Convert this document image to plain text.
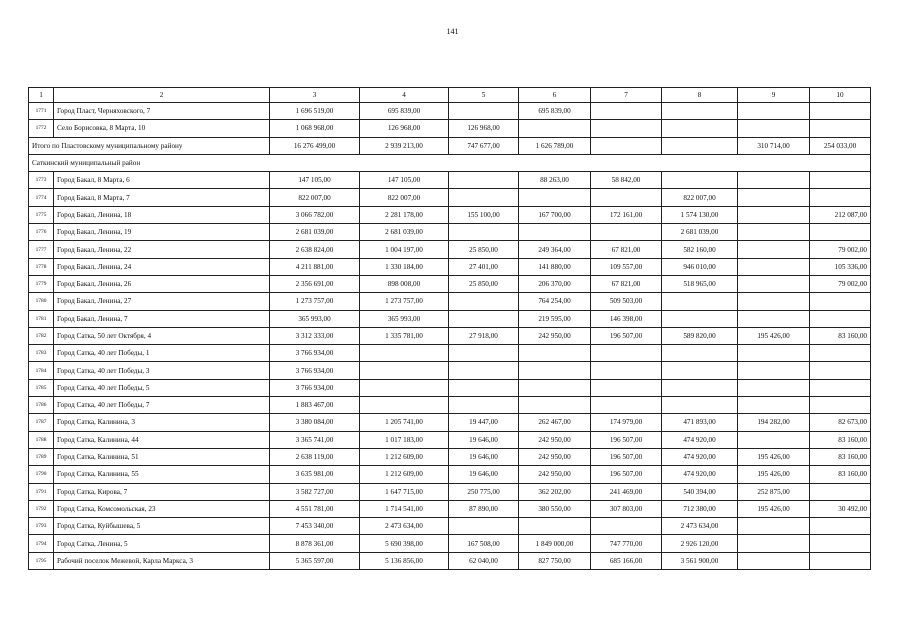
141
1	2	3	4	5	6	7	8	9	10
1771	Город Пласт, Черняховского, 7	1 696 519,00	695 839,00		695 839,00				
1772	Село Борисовка, 8 Марта, 10	1 068 968,00	126 968,00	126 968,00					
Итого по Пластовскому муниципальному району		16 276 499,00	2 939 213,00	747 677,00	1 626 789,00			310 714,00	254 033,00
Саткинский муниципальный район									
1773	Город Бакал, 8 Марта, 6	147 105,00	147 105,00		88 263,00	58 842,00			
1774	Город Бакал, 8 Марта, 7	822 007,00	822 007,00				822 007,00		
1775	Город Бакал, Ленина, 18	3 066 782,00	2 281 178,00	155 100,00	167 700,00	172 161,00	1 574 130,00		212 087,00
1776	Город Бакал, Ленина, 19	2 681 039,00	2 681 039,00				2 681 039,00		
1777	Город Бакал, Ленина, 22	2 638 824,00	1 004 197,00	25 850,00	249 364,00	67 821,00	582 160,00		79 002,00
1778	Город Бакал, Ленина, 24	4 211 881,00	1 330 184,00	27 401,00	141 880,00	109 557,00	946 010,00		105 336,00
1779	Город Бакал, Ленина, 26	2 356 691,00	898 008,00	25 850,00	206 370,00	67 821,00	518 965,00		79 002,00
1780	Город Бакал, Ленина, 27	1 273 757,00	1 273 757,00		764 254,00	509 503,00			
1781	Город Бакал, Ленина, 7	365 993,00	365 993,00		219 595,00	146 398,00			
1782	Город Сатка, 50 лет Октября, 4	3 312 333,00	1 335 781,00	27 918,00	242 950,00	196 507,00	589 820,00	195 426,00	83 160,00
1783	Город Сатка, 40 лет Победы, 1	3 766 934,00							
1784	Город Сатка, 40 лет Победы, 3	3 766 934,00							
1785	Город Сатка, 40 лет Победы, 5	3 766 934,00							
1786	Город Сатка, 40 лет Победы, 7	1 883 467,00							
1787	Город Сатка, Калинина, 3	3 380 084,00	1 205 741,00	19 447,00	262 467,00	174 979,00	471 893,00	194 282,00	82 673,00
1788	Город Сатка, Калинина, 44	3 365 741,00	1 017 183,00	19 646,00	242 950,00	196 507,00	474 920,00		83 160,00
1789	Город Сатка, Калинина, 51	2 638 119,00	1 212 609,00	19 646,00	242 950,00	196 507,00	474 920,00	195 426,00	83 160,00
1790	Город Сатка, Калинина, 55	3 635 981,00	1 212 609,00	19 646,00	242 950,00	196 507,00	474 920,00	195 426,00	83 160,00
1791	Город Сатка, Кирова, 7	3 582 727,00	1 647 715,00	250 775,00	362 202,00	241 469,00	540 394,00	252 875,00	
1792	Город Сатка, Комсомольская, 23	4 551 781,00	1 714 541,00	87 890,00	380 550,00	307 803,00	712 380,00	195 426,00	30 492,00
1793	Город Сатка, Куйбышева, 5	7 453 340,00	2 473 634,00				2 473 634,00		
1794	Город Сатка, Ленина, 5	8 878 361,00	5 690 398,00	167 508,00	1 849 000,00	747 770,00	2 926 120,00		
1795	Рабочий поселок Межевой, Карла Маркса, 3	5 365 597,00	5 136 856,00	62 040,00	827 750,00	685 166,00	3 561 900,00		
